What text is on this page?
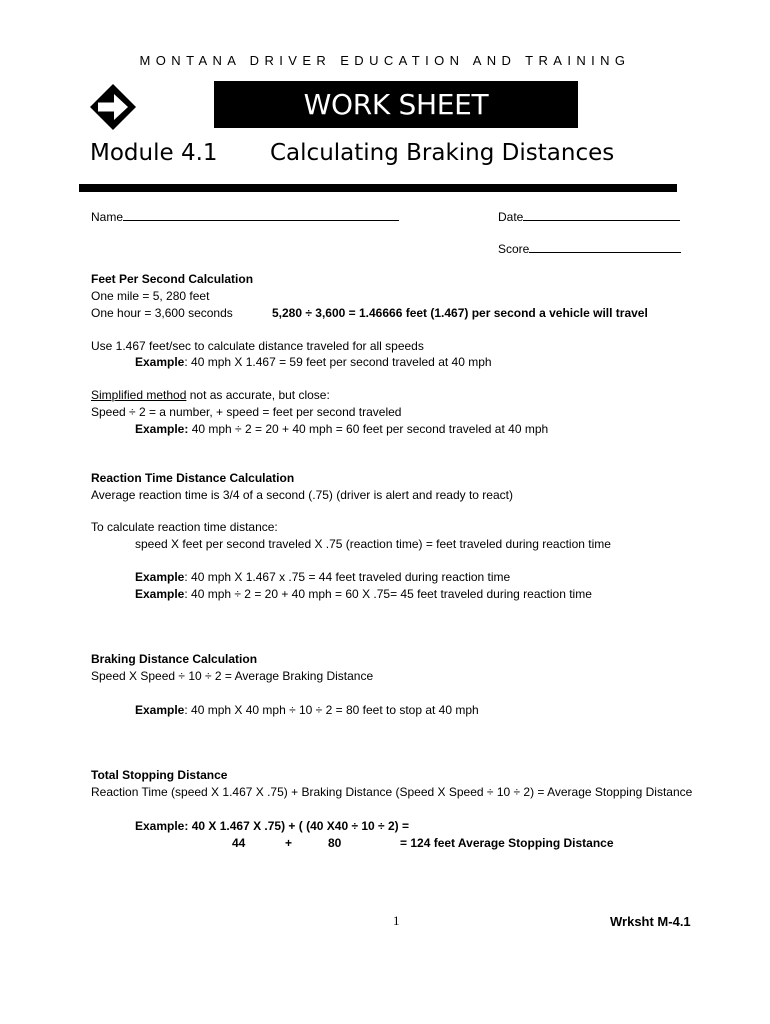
MONTANA DRIVER EDUCATION AND TRAINING
WORK SHEET
Module 4.1 Calculating Braking Distances
Name	Date
Score
Feet Per Second Calculation
One mile = 5, 280 feet
One hour = 3,600 seconds	5,280 ÷ 3,600 = 1.46666 feet (1.467) per second a vehicle will travel
Use 1.467 feet/sec to calculate distance traveled for all speeds
Example: 40 mph X 1.467 = 59 feet per second traveled at 40 mph
Simplified method not as accurate, but close:
Speed ÷ 2 = a number, + speed = feet per second traveled
Example: 40 mph ÷ 2 = 20 + 40 mph = 60 feet per second traveled at 40 mph
Reaction Time Distance Calculation
Average reaction time is 3/4 of a second (.75) (driver is alert and ready to react)
To calculate reaction time distance:
speed X feet per second traveled X .75 (reaction time) = feet traveled during reaction time
Example: 40 mph X 1.467 x .75 = 44 feet traveled during reaction time
Example: 40 mph ÷ 2 = 20 + 40 mph = 60 X .75= 45 feet traveled during reaction time
Braking Distance Calculation
Speed X Speed ÷ 10 ÷ 2 = Average Braking Distance
Example: 40 mph X 40 mph ÷ 10 ÷ 2 = 80 feet to stop at 40 mph
Total Stopping Distance
Reaction Time (speed X 1.467 X .75) + Braking Distance (Speed X Speed ÷ 10 ÷ 2) = Average Stopping Distance
Example: 40 X 1.467 X .75) + ( (40 X40 ÷ 10 ÷ 2) =
44	+	80	= 124 feet Average Stopping Distance
1	Wrksht M-4.1
